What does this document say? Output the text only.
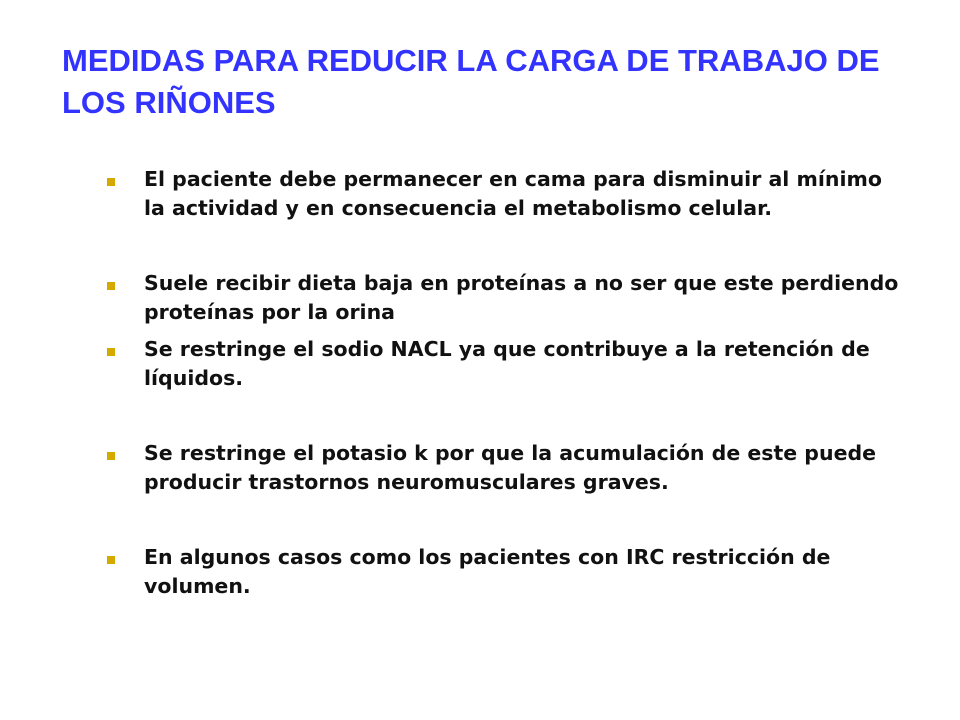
MEDIDAS PARA REDUCIR LA CARGA DE TRABAJO DE LOS RIÑONES
El paciente debe permanecer en cama para disminuir al mínimo la actividad y en consecuencia el metabolismo celular.
Suele recibir dieta baja en proteínas a no ser que este perdiendo proteínas por la orina
Se restringe el sodio NACL ya que contribuye a la retención de líquidos.
Se restringe el potasio k por que la acumulación de este puede producir trastornos neuromusculares graves.
En algunos casos como los pacientes con IRC restricción de volumen.
